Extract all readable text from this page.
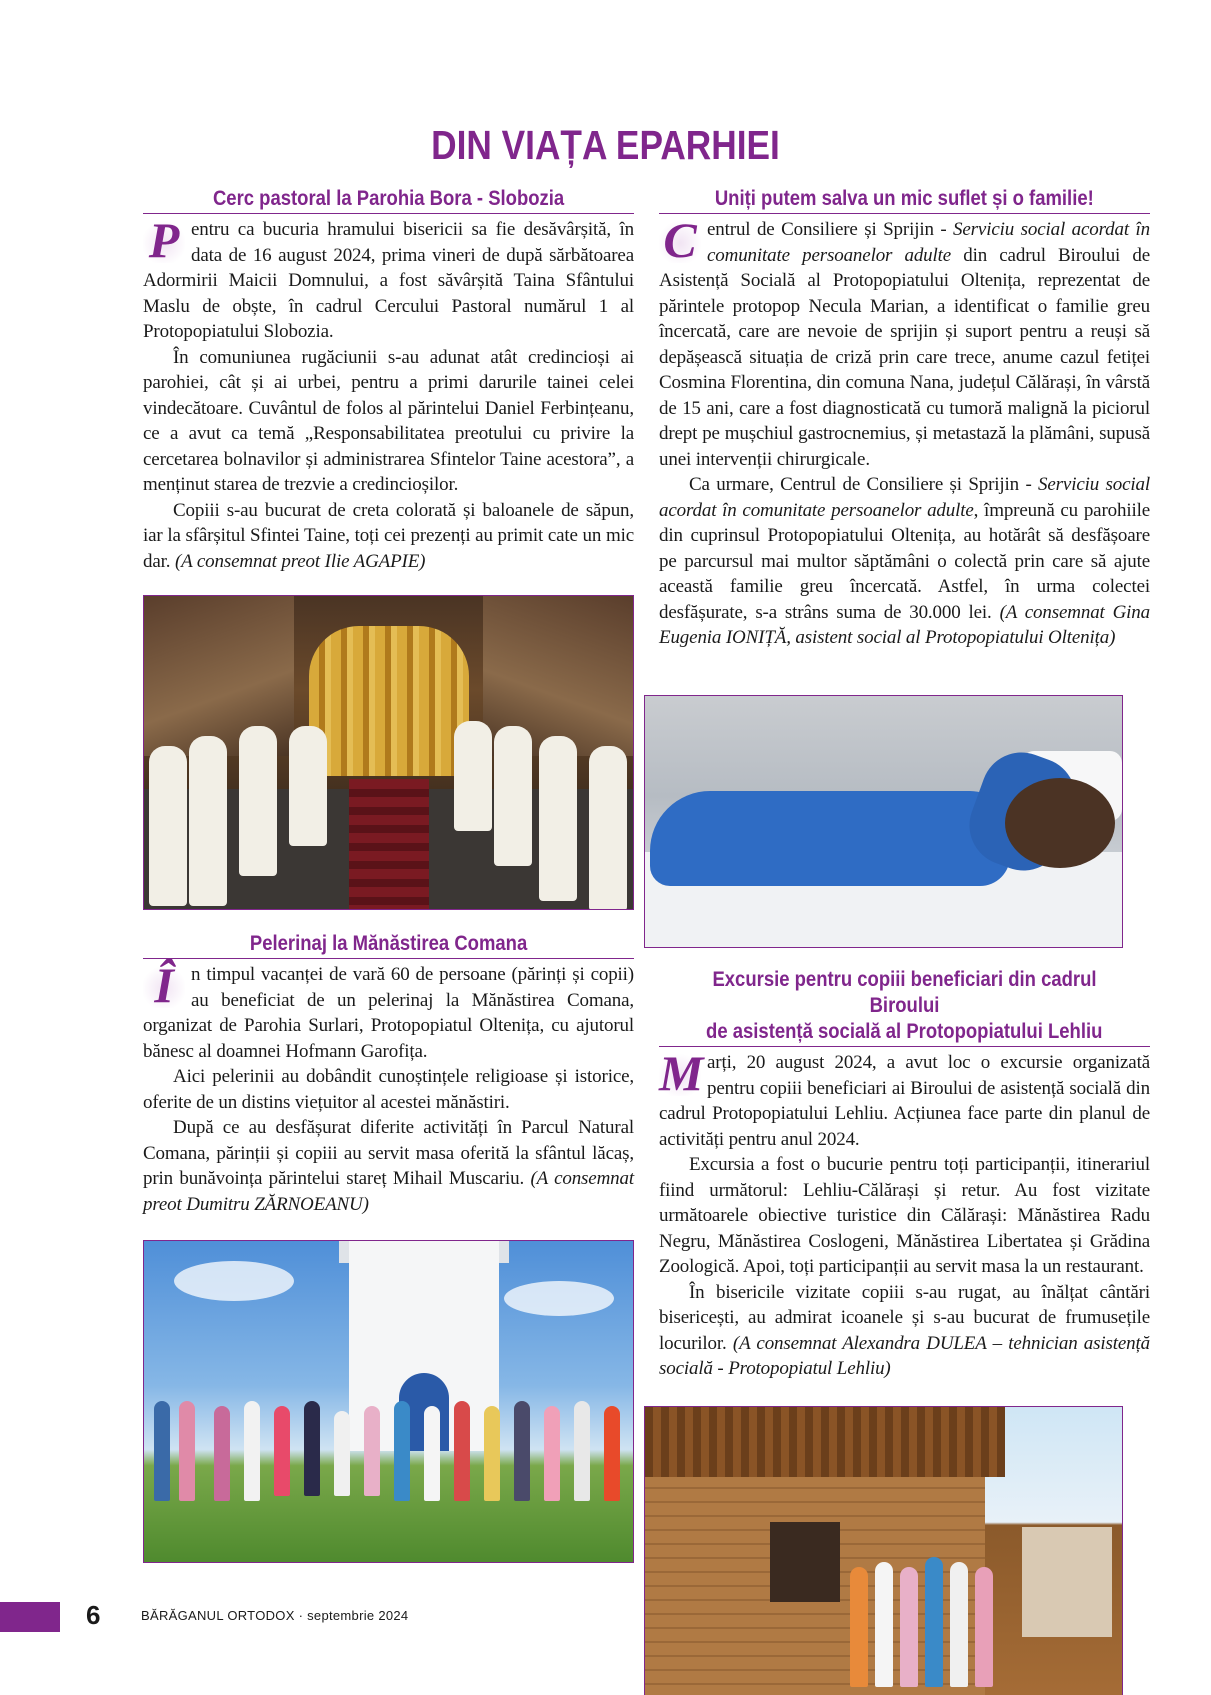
DIN VIAȚA EPARHIEI
Cerc pastoral la Parohia Bora - Slobozia

P entru ca bucuria hramului bisericii sa fie desăvârșită, în data de 16 august 2024, prima vineri de după sărbătoarea Adormirii Maicii Domnului, a fost săvârșită Taina Sfântului Maslu de obște, în cadrul Cercului Pastoral numărul 1 al Protopopiatului Slobozia.

În comuniunea rugăciunii s-au adunat atât credincioși ai parohiei, cât și ai urbei, pentru a primi darurile tainei celei vindecătoare. Cuvântul de folos al părintelui Daniel Ferbințeanu, ce a avut ca temă „Responsabilitatea preotului cu privire la cercetarea bolnavilor și administrarea Sfintelor Taine acestora”, a menținut starea de trezvie a credincioșilor.

Copiii s-au bucurat de creta colorată și baloanele de săpun, iar la sfârșitul Sfintei Taine, toți cei prezenți au primit cate un mic dar. (A consemnat preot Ilie AGAPIE)

Pelerinaj la Mănăstirea Comana

Î n timpul vacanței de vară 60 de persoane (părinți și copii) au beneficiat de un pelerinaj la Mănăstirea Comana, organizat de Parohia Surlari, Protopopiatul Oltenița, cu ajutorul bănesc al doamnei Hofmann Garofița.

Aici pelerinii au dobândit cunoștințele religioase și istorice, oferite de un distins viețuitor al acestei mănăstiri.

După ce au desfășurat diferite activități în Parcul Natural Comana, părinții și copiii au servit masa oferită la sfântul lăcaș, prin bunăvoința părintelui stareț Mihail Muscariu. (A consemnat preot Dumitru ZĂRNOEANU)

Uniți putem salva un mic suflet și o familie!

C entrul de Consiliere și Sprijin - Serviciu social acordat în comunitate persoanelor adulte din cadrul Biroului de Asistență Socială al Protopopiatului Oltenița, reprezentat de părintele protopop Necula Marian, a identificat o familie greu încercată, care are nevoie de sprijin și suport pentru a reuși să depășească situația de criză prin care trece, anume cazul fetiței Cosmina Florentina, din comuna Nana, județul Călărași, în vârstă de 15 ani, care a fost diagnosticată cu tumoră malignă la piciorul drept pe mușchiul gastrocnemius, și metastază la plămâni, supusă unei intervenții chirurgicale.

Ca urmare, Centrul de Consiliere și Sprijin - Serviciu social acordat în comunitate persoanelor adulte, împreună cu parohiile din cuprinsul Protopopiatului Oltenița, au hotărât să desfășoare pe parcursul mai multor săptămâni o colectă prin care să ajute această familie greu încercată. Astfel, în urma colectei desfășurate, s-a strâns suma de 30.000 lei. (A consemnat Gina Eugenia IONIȚĂ, asistent social al Protopopiatului Oltenița)

Excursie pentru copiii beneficiari din cadrul Biroului
de asistență socială al Protopopiatului Lehliu

M arți, 20 august 2024, a avut loc o excursie organizată pentru copiii beneficiari ai Biroului de asistență socială din cadrul Protopopiatului Lehliu. Acțiunea face parte din planul de activități pentru anul 2024.

Excursia a fost o bucurie pentru toți participanții, itinerariul fiind următorul: Lehliu-Călărași și retur. Au fost vizitate următoarele obiective turistice din Călărași: Mănăstirea Radu Negru, Mănăstirea Coslogeni, Mănăstirea Libertatea și Grădina Zoologică. Apoi, toți participanții au servit masa la un restaurant.

În bisericile vizitate copiii s-au rugat, au înălțat cântări bisericești, au admirat icoanele și s-au bucurat de frumusețile locurilor. (A consemnat Alexandra DULEA – tehnician asistență socială - Protopopiatul Lehliu)

6	BĂRĂGANUL ORTODOX · septembrie 2024
